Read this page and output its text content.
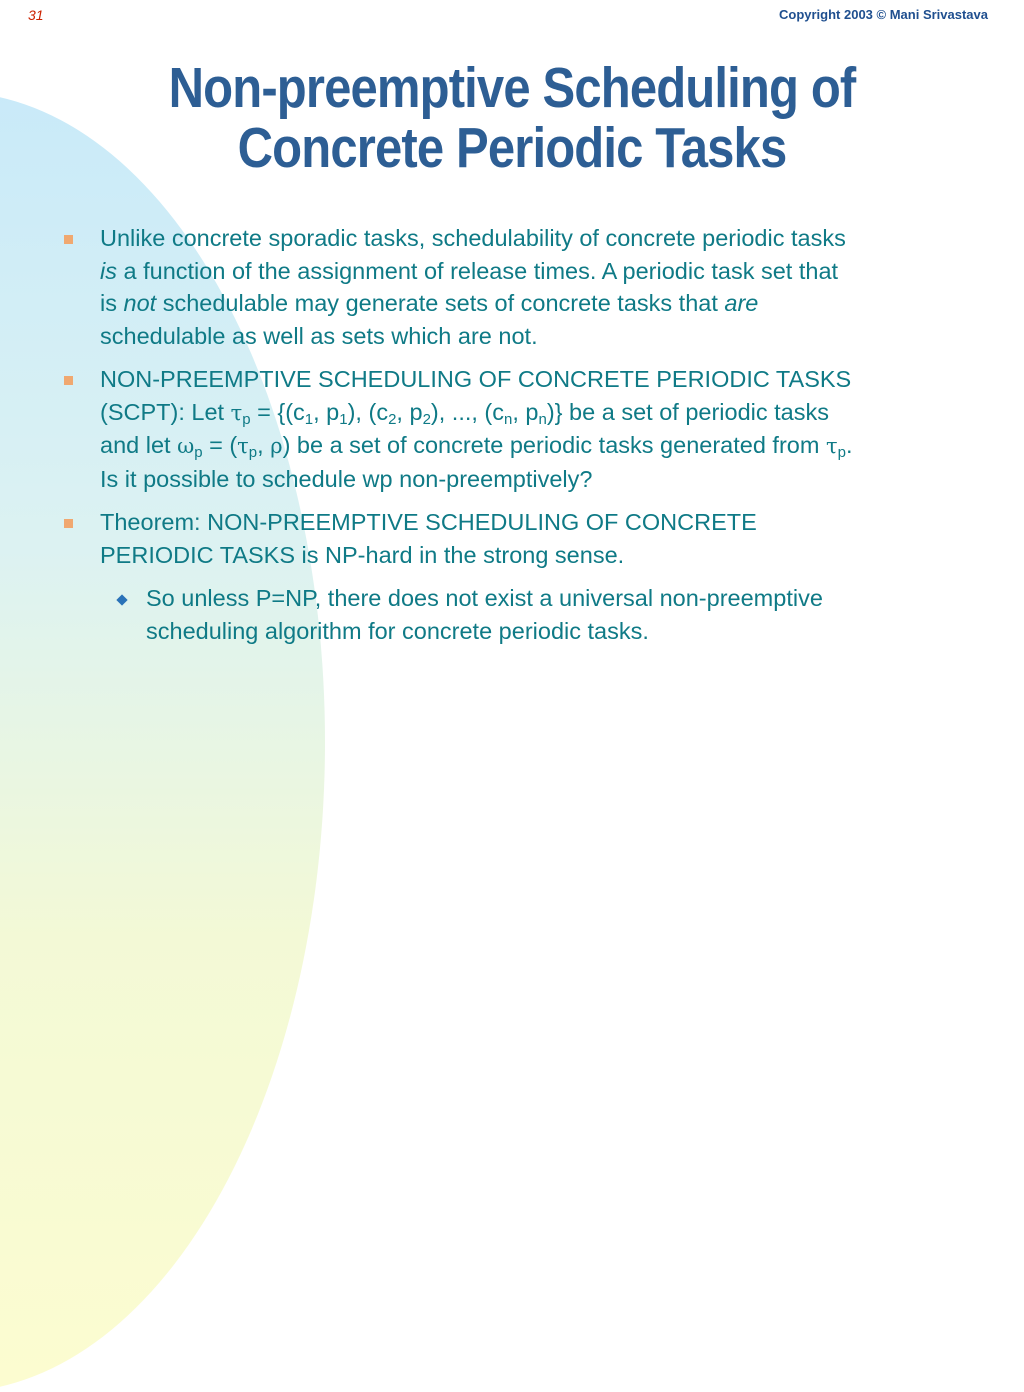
31	Copyright 2003 © Mani Srivastava
Non-preemptive Scheduling of
Concrete Periodic Tasks
Unlike concrete sporadic tasks, schedulability of concrete periodic tasks
is a function of the assignment of release times. A periodic task set that
is not schedulable may generate sets of concrete tasks that are
schedulable as well as sets which are not.
NON-PREEMPTIVE SCHEDULING OF CONCRETE PERIODIC TASKS
(SCPT): Let $\tau_p = \{(c_1$, $p_1$), ($c_2$, $p_2$), ..., ($c_n$, $p_n$)} be a set of periodic tasks
and let $\omega_p = (\tau_p$, ρ) be a set of concrete periodic tasks generated from $\tau_p$.
Is it possible to schedule wp non-preemptively?
Theorem: NON-PREEMPTIVE SCHEDULING OF CONCRETE
PERIODIC TASKS is NP-hard in the strong sense.
So unless P=NP, there does not exist a universal non-preemptive
scheduling algorithm for concrete periodic tasks.
